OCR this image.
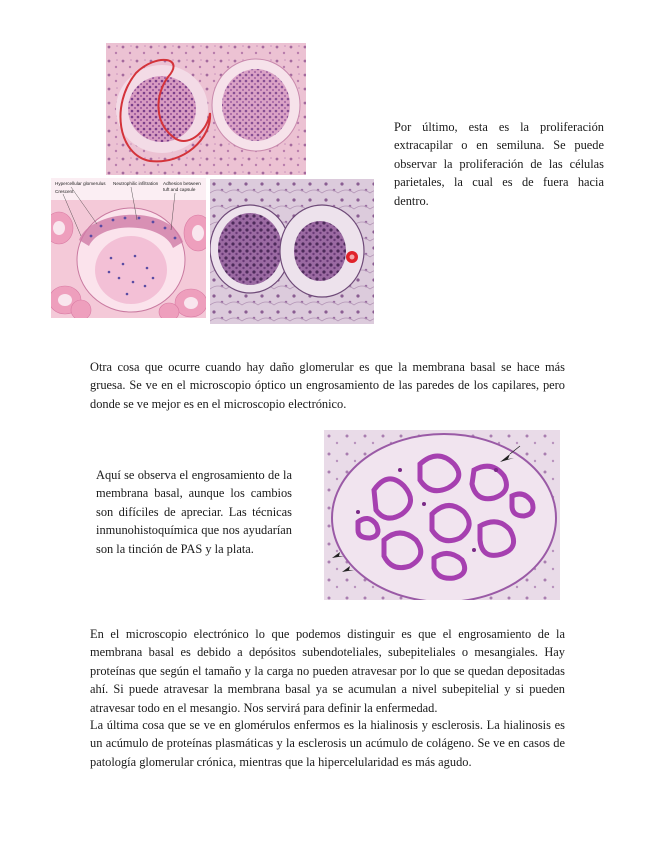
Hypercellular glomerulus
Crescent
Neutrophilic infiltration Adhesion between
tuft and capsule
Por último, esta es la proliferación extracapilar o en semiluna. Se puede observar la proliferación de las células parietales, la cual es de fuera hacia dentro.
Otra cosa que ocurre cuando hay daño glomerular es que la membrana basal se hace más gruesa. Se ve en el microscopio óptico un engrosamiento de las paredes de los capilares, pero donde se ve mejor es en el microscopio electrónico.
Aquí se observa el engrosamiento de la membrana basal, aunque los cambios son difíciles de apreciar. Las técnicas inmunohistoquímica que nos ayudarían son la tinción de PAS y la plata.
En el microscopio electrónico lo que podemos distinguir es que el engrosamiento de la membrana basal es debido a depósitos subendoteliales, subepiteliales o mesangiales. Hay proteínas que según el tamaño y la carga no pueden atravesar por lo que se quedan depositadas ahí. Si puede atravesar la membrana basal ya se acumulan a nivel subepitelial y si pueden atravesar todo en el mesangio. Nos servirá para definir la enfermedad.
La última cosa que se ve en glomérulos enfermos es la hialinosis y esclerosis. La hialinosis es un acúmulo de proteínas plasmáticas y la esclerosis un acúmulo de colágeno. Se ve en casos de patología glomerular crónica, mientras que la hipercelularidad es más agudo.
